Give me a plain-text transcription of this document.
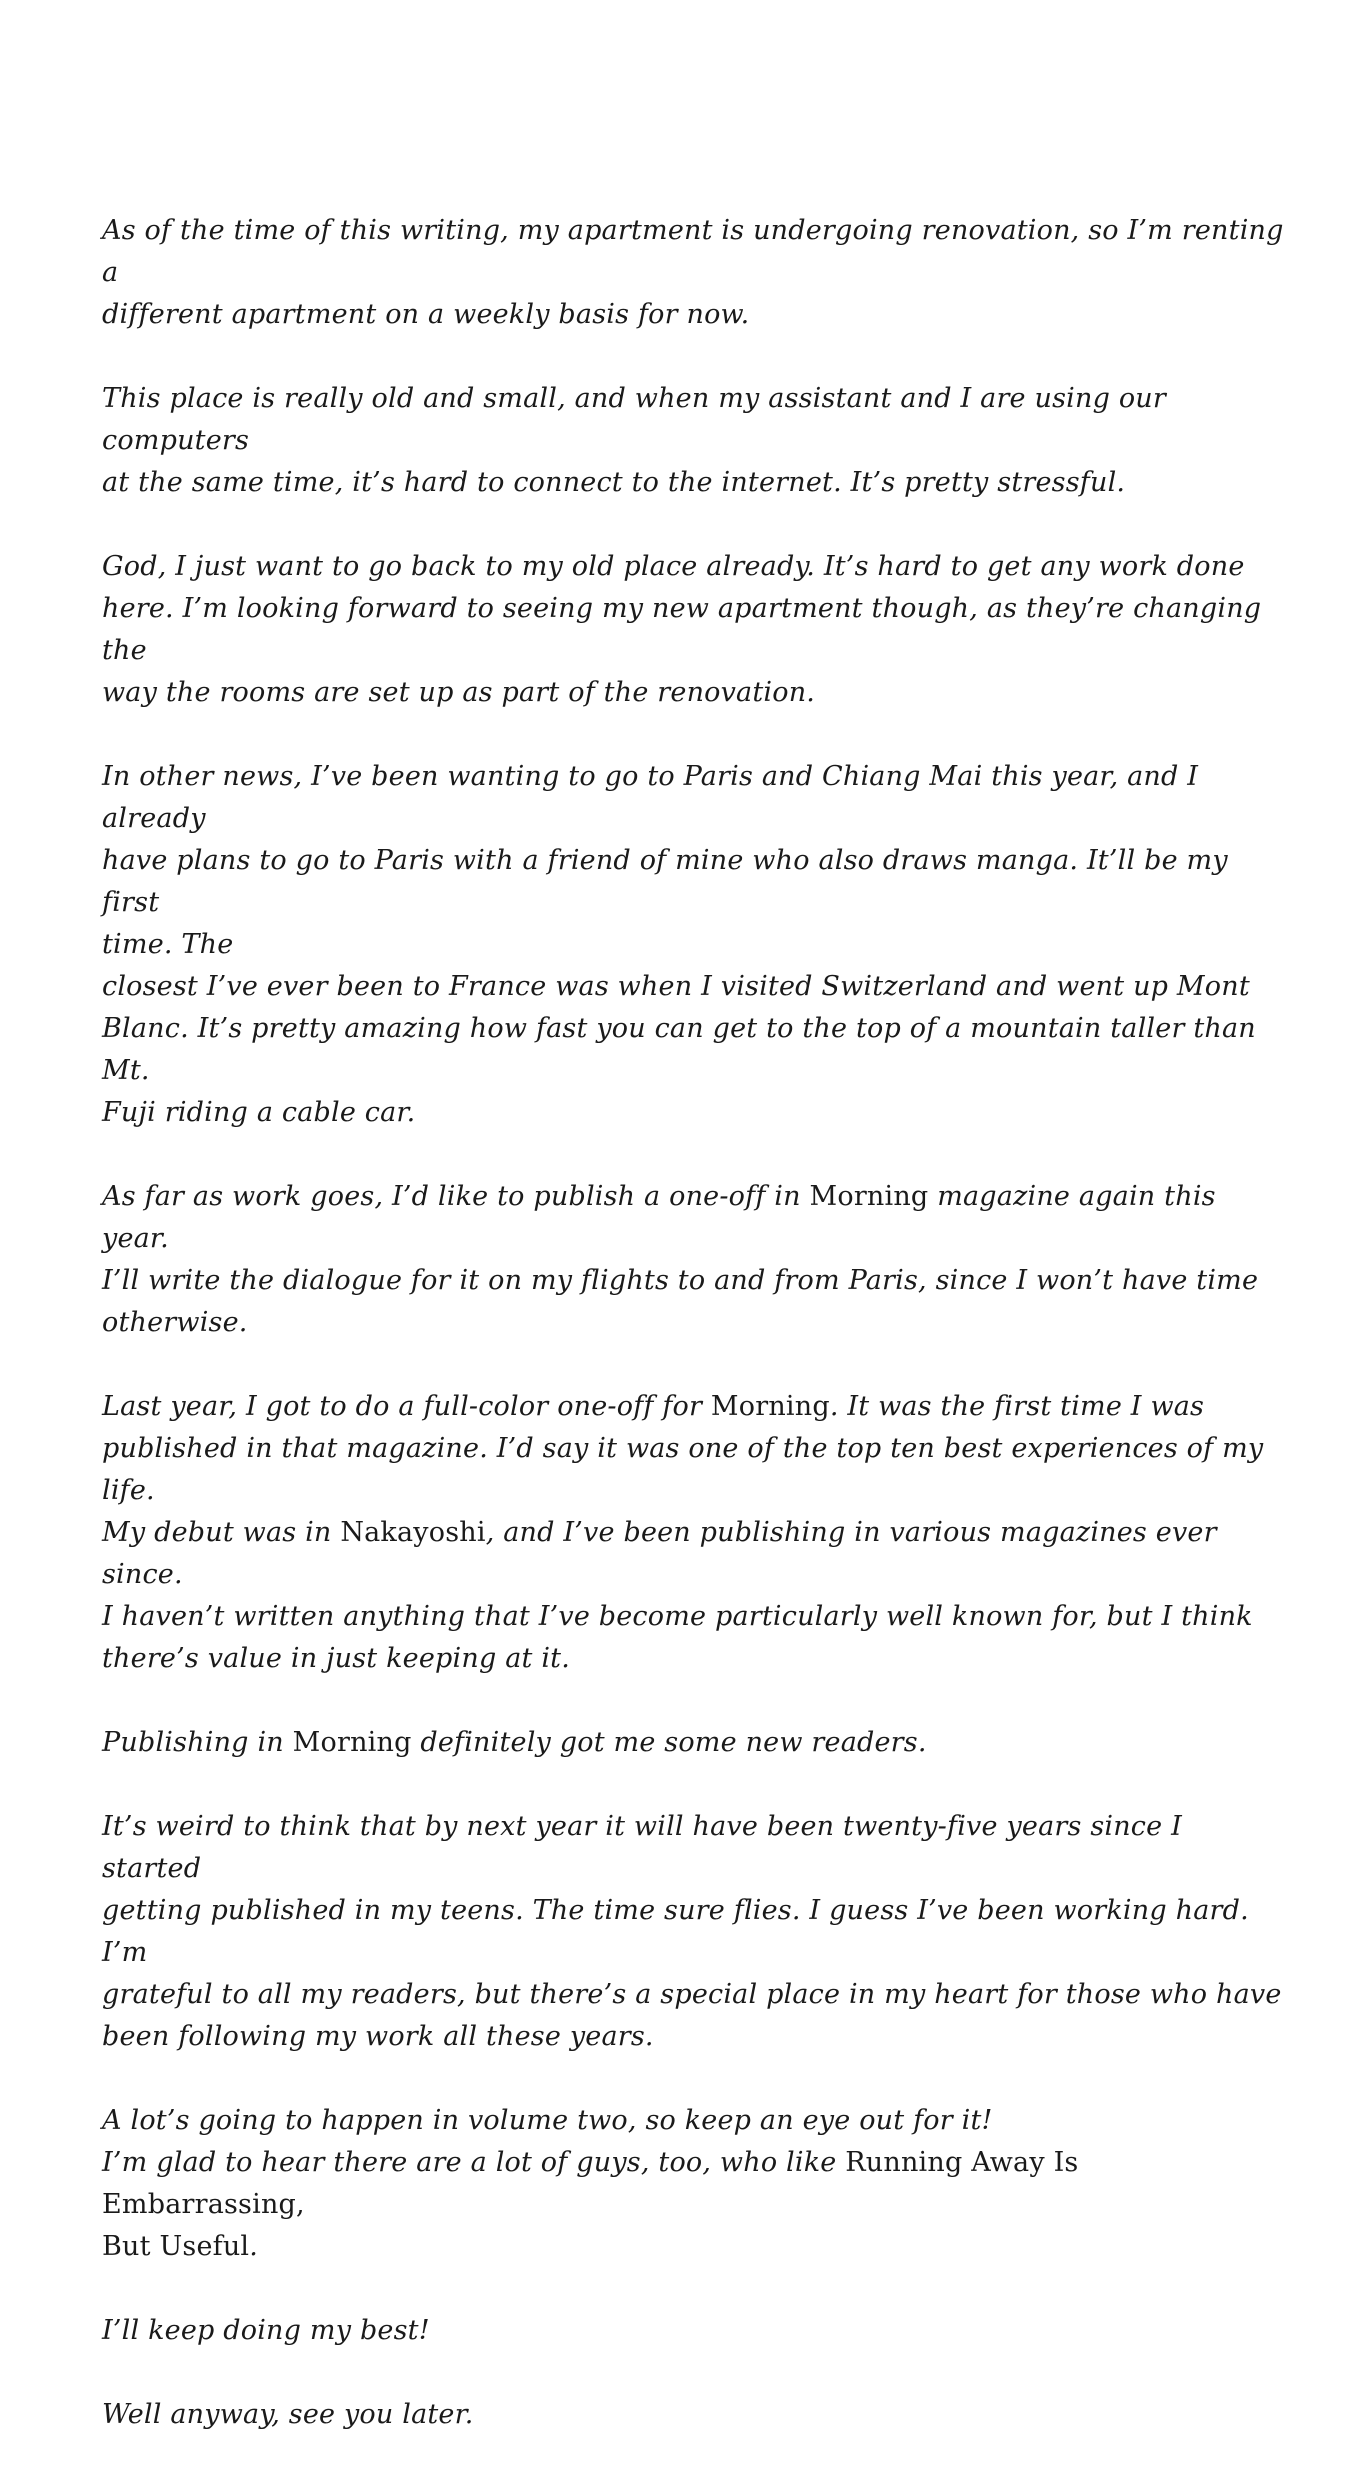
As of the time of this writing, my apartment is undergoing renovation, so I’m renting a
different apartment on a weekly basis for now.

This place is really old and small, and when my assistant and I are using our computers
at the same time, it’s hard to connect to the internet. It’s pretty stressful.

God, I just want to go back to my old place already. It’s hard to get any work done
here. I’m looking forward to seeing my new apartment though, as they’re changing the
way the rooms are set up as part of the renovation.

In other news, I’ve been wanting to go to Paris and Chiang Mai this year, and I already
have plans to go to Paris with a friend of mine who also draws manga. It’ll be my first
time. The
closest I’ve ever been to France was when I visited Switzerland and went up Mont
Blanc. It’s pretty amazing how fast you can get to the top of a mountain taller than Mt.
Fuji riding a cable car.

As far as work goes, I’d like to publish a one-off in Morning magazine again this year.
I’ll write the dialogue for it on my flights to and from Paris, since I won’t have time
otherwise.

Last year, I got to do a full-color one-off for Morning. It was the first time I was
published in that magazine. I’d say it was one of the top ten best experiences of my life.
My debut was in Nakayoshi, and I’ve been publishing in various magazines ever since.
I haven’t written anything that I’ve become particularly well known for, but I think
there’s value in just keeping at it.

Publishing in Morning definitely got me some new readers.

It’s weird to think that by next year it will have been twenty-five years since I started
getting published in my teens. The time sure flies. I guess I’ve been working hard. I’m
grateful to all my readers, but there’s a special place in my heart for those who have
been following my work all these years.

A lot’s going to happen in volume two, so keep an eye out for it!
I’m glad to hear there are a lot of guys, too, who like Running Away Is Embarrassing,
But Useful.

I’ll keep doing my best!

Well anyway, see you later.
